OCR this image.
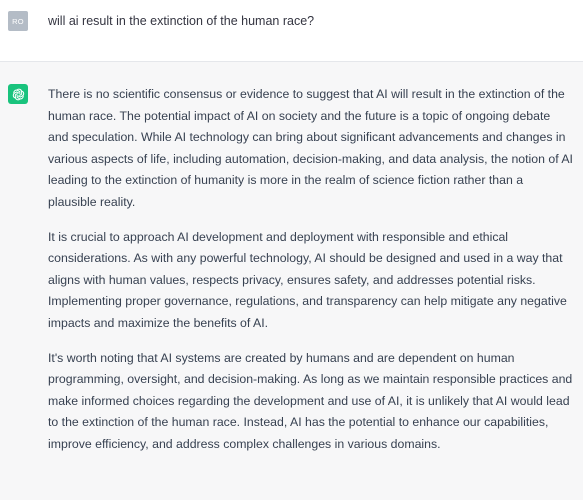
RO will ai result in the extinction of the human race?

There is no scientific consensus or evidence to suggest that AI will result in the extinction of the human race. The potential impact of AI on society and the future is a topic of ongoing debate and speculation. While AI technology can bring about significant advancements and changes in various aspects of life, including automation, decision-making, and data analysis, the notion of AI leading to the extinction of humanity is more in the realm of science fiction rather than a plausible reality.

It is crucial to approach AI development and deployment with responsible and ethical considerations. As with any powerful technology, AI should be designed and used in a way that aligns with human values, respects privacy, ensures safety, and addresses potential risks. Implementing proper governance, regulations, and transparency can help mitigate any negative impacts and maximize the benefits of AI.

It's worth noting that AI systems are created by humans and are dependent on human programming, oversight, and decision-making. As long as we maintain responsible practices and make informed choices regarding the development and use of AI, it is unlikely that AI would lead to the extinction of the human race. Instead, AI has the potential to enhance our capabilities, improve efficiency, and address complex challenges in various domains.
